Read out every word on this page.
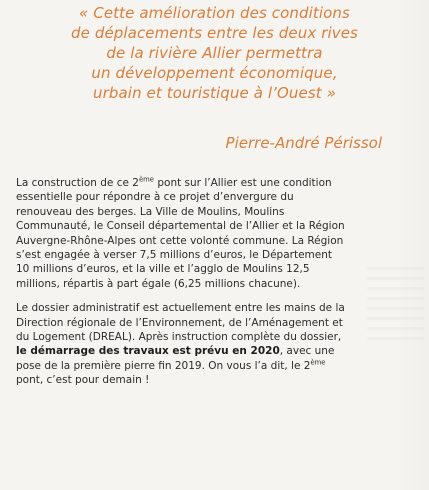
« Cette amélioration des conditions
de déplacements entre les deux rives
de la rivière Allier permettra
un développement économique,
urbain et touristique à l’Ouest »
Pierre-André Périssol

La construction de ce 2ème pont sur l’Allier est une condition essentielle pour répondre à ce projet d’envergure du renouveau des berges. La Ville de Moulins, Moulins Communauté, le Conseil départemental de l’Allier et la Région Auvergne-Rhône-Alpes ont cette volonté commune. La Région s’est engagée à verser 7,5 millions d’euros, le Département 10 millions d’euros, et la ville et l’agglo de Moulins 12,5 millions, répartis à part égale (6,25 millions chacune).

Le dossier administratif est actuellement entre les mains de la Direction régionale de l’Environnement, de l’Aménagement et du Logement (DREAL). Après instruction complète du dossier, le démarrage des travaux est prévu en 2020, avec une pose de la première pierre fin 2019. On vous l’a dit, le 2ème pont, c’est pour demain !
